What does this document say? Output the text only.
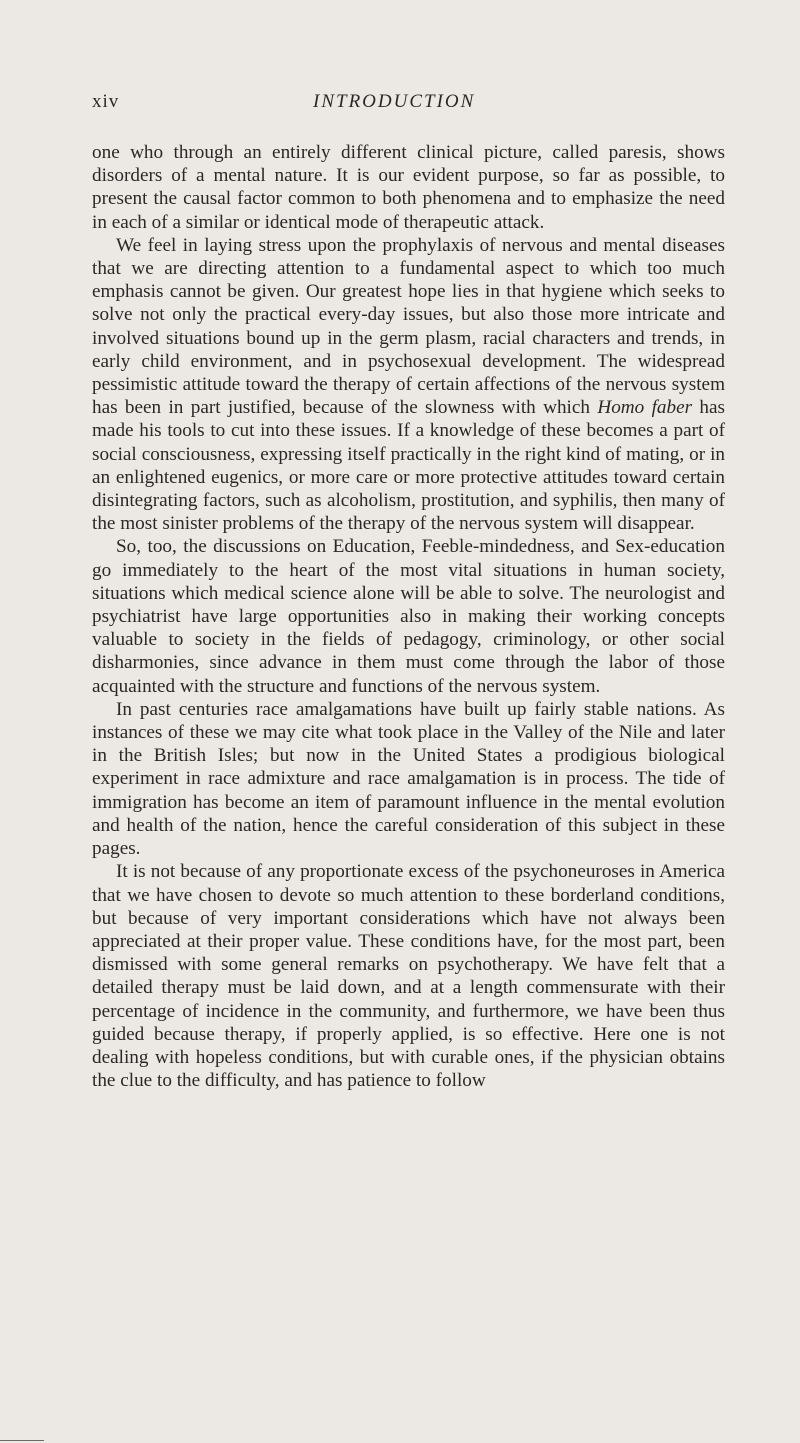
xiv	INTRODUCTION

one who through an entirely different clinical picture, called paresis, shows disorders of a mental nature. It is our evident purpose, so far as possible, to present the causal factor common to both phenomena and to emphasize the need in each of a similar or identical mode of therapeutic attack.

We feel in laying stress upon the prophylaxis of nervous and mental diseases that we are directing attention to a fundamental aspect to which too much emphasis cannot be given. Our greatest hope lies in that hygiene which seeks to solve not only the practical every-day issues, but also those more intricate and involved situations bound up in the germ plasm, racial characters and trends, in early child environment, and in psychosexual development. The widespread pessimistic attitude toward the therapy of certain affections of the nervous system has been in part justified, because of the slowness with which Homo faber has made his tools to cut into these issues. If a knowledge of these becomes a part of social consciousness, expressing itself practically in the right kind of mating, or in an enlightened eugenics, or more care or more protective attitudes toward certain disintegrating factors, such as alcoholism, prostitution, and syphilis, then many of the most sinister problems of the therapy of the nervous system will disappear.

So, too, the discussions on Education, Feeble-mindedness, and Sex-education go immediately to the heart of the most vital situations in human society, situations which medical science alone will be able to solve. The neurologist and psychiatrist have large opportunities also in making their working concepts valuable to society in the fields of pedagogy, criminology, or other social disharmonies, since advance in them must come through the labor of those acquainted with the structure and functions of the nervous system.

In past centuries race amalgamations have built up fairly stable nations. As instances of these we may cite what took place in the Valley of the Nile and later in the British Isles; but now in the United States a prodigious biological experiment in race admixture and race amalgamation is in process. The tide of immigration has become an item of paramount influence in the mental evolution and health of the nation, hence the careful consideration of this subject in these pages.

It is not because of any proportionate excess of the psychoneuroses in America that we have chosen to devote so much attention to these borderland conditions, but because of very important considerations which have not always been appreciated at their proper value. These conditions have, for the most part, been dismissed with some general remarks on psychotherapy. We have felt that a detailed therapy must be laid down, and at a length commensurate with their percentage of incidence in the community, and furthermore, we have been thus guided because therapy, if properly applied, is so effective. Here one is not dealing with hopeless conditions, but with curable ones, if the physician obtains the clue to the difficulty, and has patience to follow
